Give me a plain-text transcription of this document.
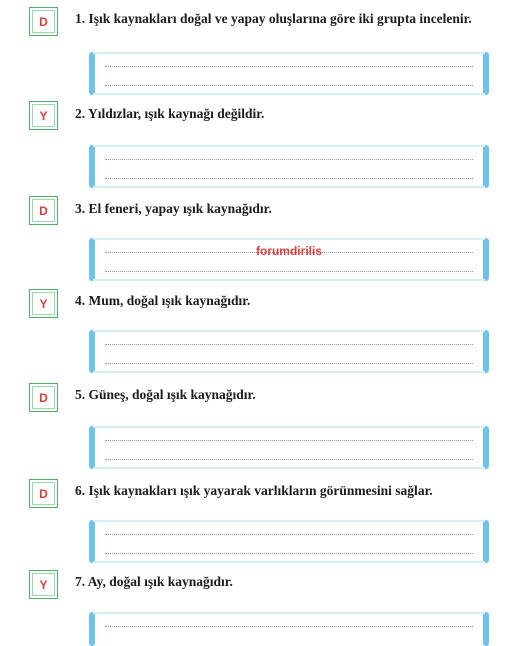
D 1. Işık kaynakları doğal ve yapay oluşlarına göre iki grupta incelenir.
Y 2. Yıldızlar, ışık kaynağı değildir.
D 3. El feneri, yapay ışık kaynağıdır.
forumdirilis
Y 4. Mum, doğal ışık kaynağıdır.
D 5. Güneş, doğal ışık kaynağıdır.
D 6. Işık kaynakları ışık yayarak varlıkların görünmesini sağlar.
Y 7. Ay, doğal ışık kaynağıdır.
